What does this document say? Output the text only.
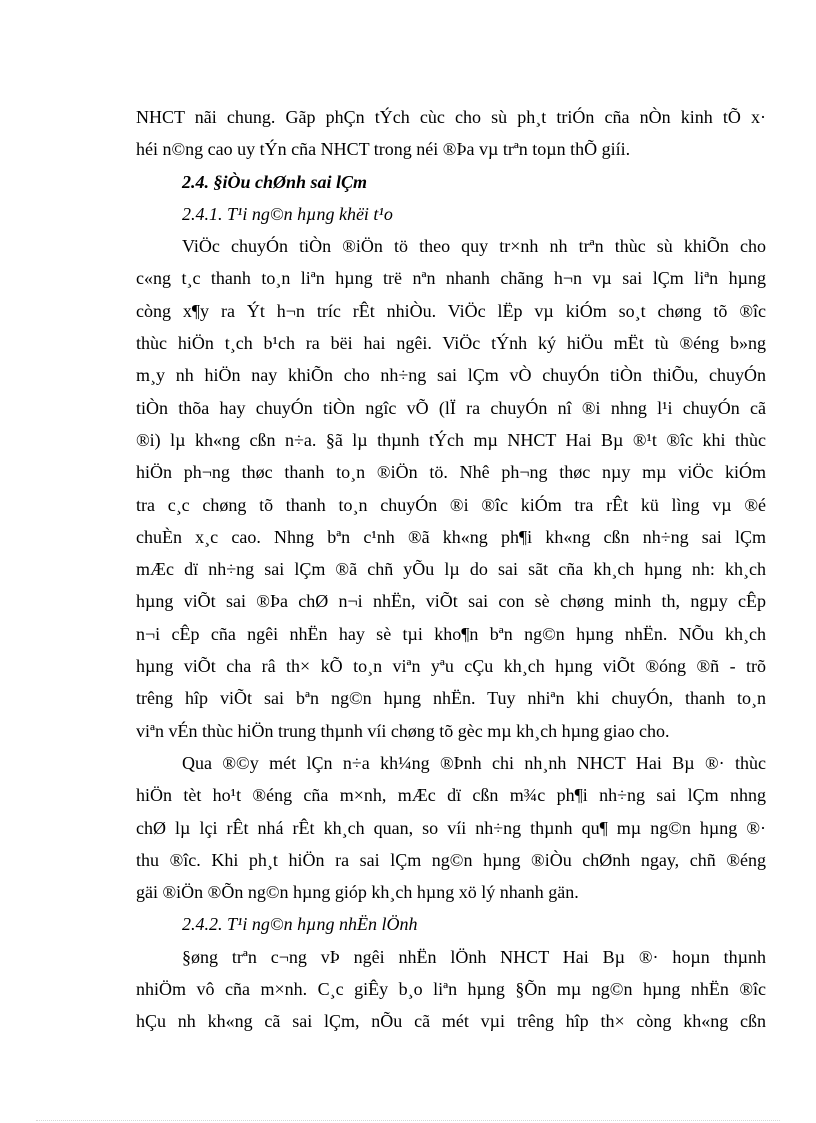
NHCT nãi chung. Gãp phÇn tÝch cùc cho sù ph¸t triÓn cña nÒn kinh tÕ x·

héi n©ng cao uy tÝn cña NHCT trong néi ®Þa vµ trªn toµn thÕ giíi.

2.4. §iÒu chØnh sai lÇm

2.4.1. T¹i ng©n hµng khëi t¹o

ViÖc chuyÓn tiÒn ®iÖn tö theo quy tr×nh nh trªn thùc sù khiÕn cho

c«ng t¸c thanh to¸n liªn hµng trë nªn nhanh chãng h¬n vµ sai lÇm liªn hµng

còng x¶y ra Ýt h¬n tríc rÊt nhiÒu. ViÖc lËp vµ kiÓm so¸t chøng tõ ®îc

thùc hiÖn t¸ch b¹ch ra bëi hai ngêi. ViÖc tÝnh ký hiÖu mËt tù ®éng b»ng

m¸y nh hiÖn nay khiÕn cho nh÷ng sai lÇm vÒ chuyÓn tiÒn thiÕu, chuyÓn

tiÒn thõa hay chuyÓn tiÒn ngîc vÕ (lÏ ra chuyÓn nî ®i nhng l¹i chuyÓn cã

®i) lµ kh«ng cßn n÷a. §ã lµ thµnh tÝch mµ NHCT Hai Bµ ®¹t ®îc khi thùc

hiÖn ph¬ng thøc thanh to¸n ®iÖn tö. Nhê ph¬ng thøc nµy mµ viÖc kiÓm

tra c¸c chøng tõ thanh to¸n chuyÓn ®i ®îc kiÓm tra rÊt kü lìng vµ ®é

chuÈn x¸c cao. Nhng bªn c¹nh ®ã kh«ng ph¶i kh«ng cßn nh÷ng sai lÇm

mÆc dï nh÷ng sai lÇm ®ã chñ yÕu lµ do sai sãt cña kh¸ch hµng nh: kh¸ch

hµng viÕt sai ®Þa chØ n¬i nhËn, viÕt sai con sè chøng minh th, ngµy cÊp

n¬i cÊp cña ngêi nhËn hay sè tµi kho¶n bªn ng©n hµng nhËn. NÕu kh¸ch

hµng viÕt cha râ th× kÕ to¸n viªn yªu cÇu kh¸ch hµng viÕt ®óng ®ñ - trõ

trêng hîp viÕt sai bªn ng©n hµng nhËn. Tuy nhiªn khi chuyÓn, thanh to¸n

viªn vÉn thùc hiÖn trung thµnh víi chøng tõ gèc mµ kh¸ch hµng giao cho.

Qua ®©y mét lÇn n÷a kh¼ng ®Þnh chi nh¸nh NHCT Hai Bµ ®· thùc

hiÖn tèt ho¹t ®éng cña m×nh, mÆc dï cßn m¾c ph¶i nh÷ng sai lÇm nhng

chØ lµ lçi rÊt nhá rÊt kh¸ch quan, so víi nh÷ng thµnh qu¶ mµ ng©n hµng ®·

thu ®îc. Khi ph¸t hiÖn ra sai lÇm ng©n hµng ®iÒu chØnh ngay, chñ ®éng

gäi ®iÖn ®Õn ng©n hµng gióp kh¸ch hµng xö lý nhanh gän.

2.4.2. T¹i ng©n hµng nhËn lÖnh

§øng trªn c¬ng vÞ ngêi nhËn lÖnh NHCT Hai Bµ ®· hoµn thµnh

nhiÖm vô cña m×nh. C¸c giÊy b¸o liªn hµng §Õn mµ ng©n hµng nhËn ®îc

hÇu nh kh«ng cã sai lÇm, nÕu cã mét vµi trêng hîp th× còng kh«ng cßn
